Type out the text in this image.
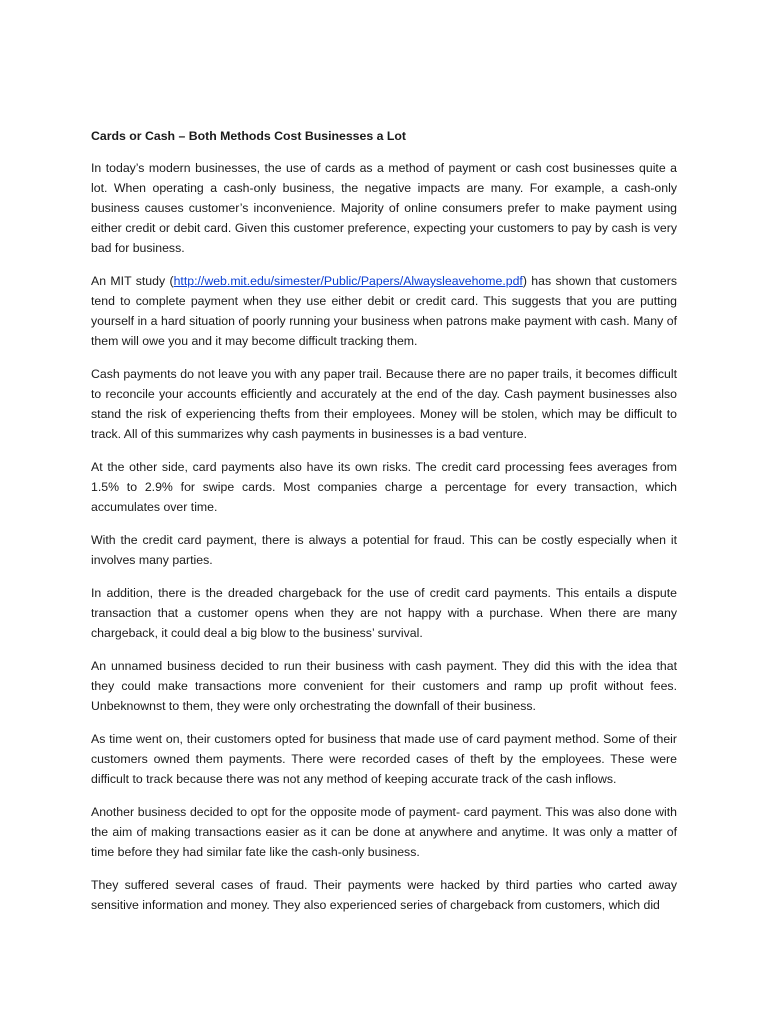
Cards or Cash – Both Methods Cost Businesses a Lot

In today’s modern businesses, the use of cards as a method of payment or cash cost businesses quite a lot. When operating a cash-only business, the negative impacts are many. For example, a cash-only business causes customer’s inconvenience. Majority of online consumers prefer to make payment using either credit or debit card. Given this customer preference, expecting your customers to pay by cash is very bad for business.

An MIT study (http://web.mit.edu/simester/Public/Papers/Alwaysleavehome.pdf) has shown that customers tend to complete payment when they use either debit or credit card. This suggests that you are putting yourself in a hard situation of poorly running your business when patrons make payment with cash. Many of them will owe you and it may become difficult tracking them.

Cash payments do not leave you with any paper trail. Because there are no paper trails, it becomes difficult to reconcile your accounts efficiently and accurately at the end of the day. Cash payment businesses also stand the risk of experiencing thefts from their employees. Money will be stolen, which may be difficult to track. All of this summarizes why cash payments in businesses is a bad venture.

At the other side, card payments also have its own risks. The credit card processing fees averages from 1.5% to 2.9% for swipe cards. Most companies charge a percentage for every transaction, which accumulates over time.

With the credit card payment, there is always a potential for fraud. This can be costly especially when it involves many parties.

In addition, there is the dreaded chargeback for the use of credit card payments. This entails a dispute transaction that a customer opens when they are not happy with a purchase. When there are many chargeback, it could deal a big blow to the business’ survival.

An unnamed business decided to run their business with cash payment. They did this with the idea that they could make transactions more convenient for their customers and ramp up profit without fees. Unbeknownst to them, they were only orchestrating the downfall of their business.

As time went on, their customers opted for business that made use of card payment method. Some of their customers owned them payments. There were recorded cases of theft by the employees. These were difficult to track because there was not any method of keeping accurate track of the cash inflows.

Another business decided to opt for the opposite mode of payment- card payment. This was also done with the aim of making transactions easier as it can be done at anywhere and anytime. It was only a matter of time before they had similar fate like the cash-only business.

They suffered several cases of fraud. Their payments were hacked by third parties who carted away sensitive information and money. They also experienced series of chargeback from customers, which did
